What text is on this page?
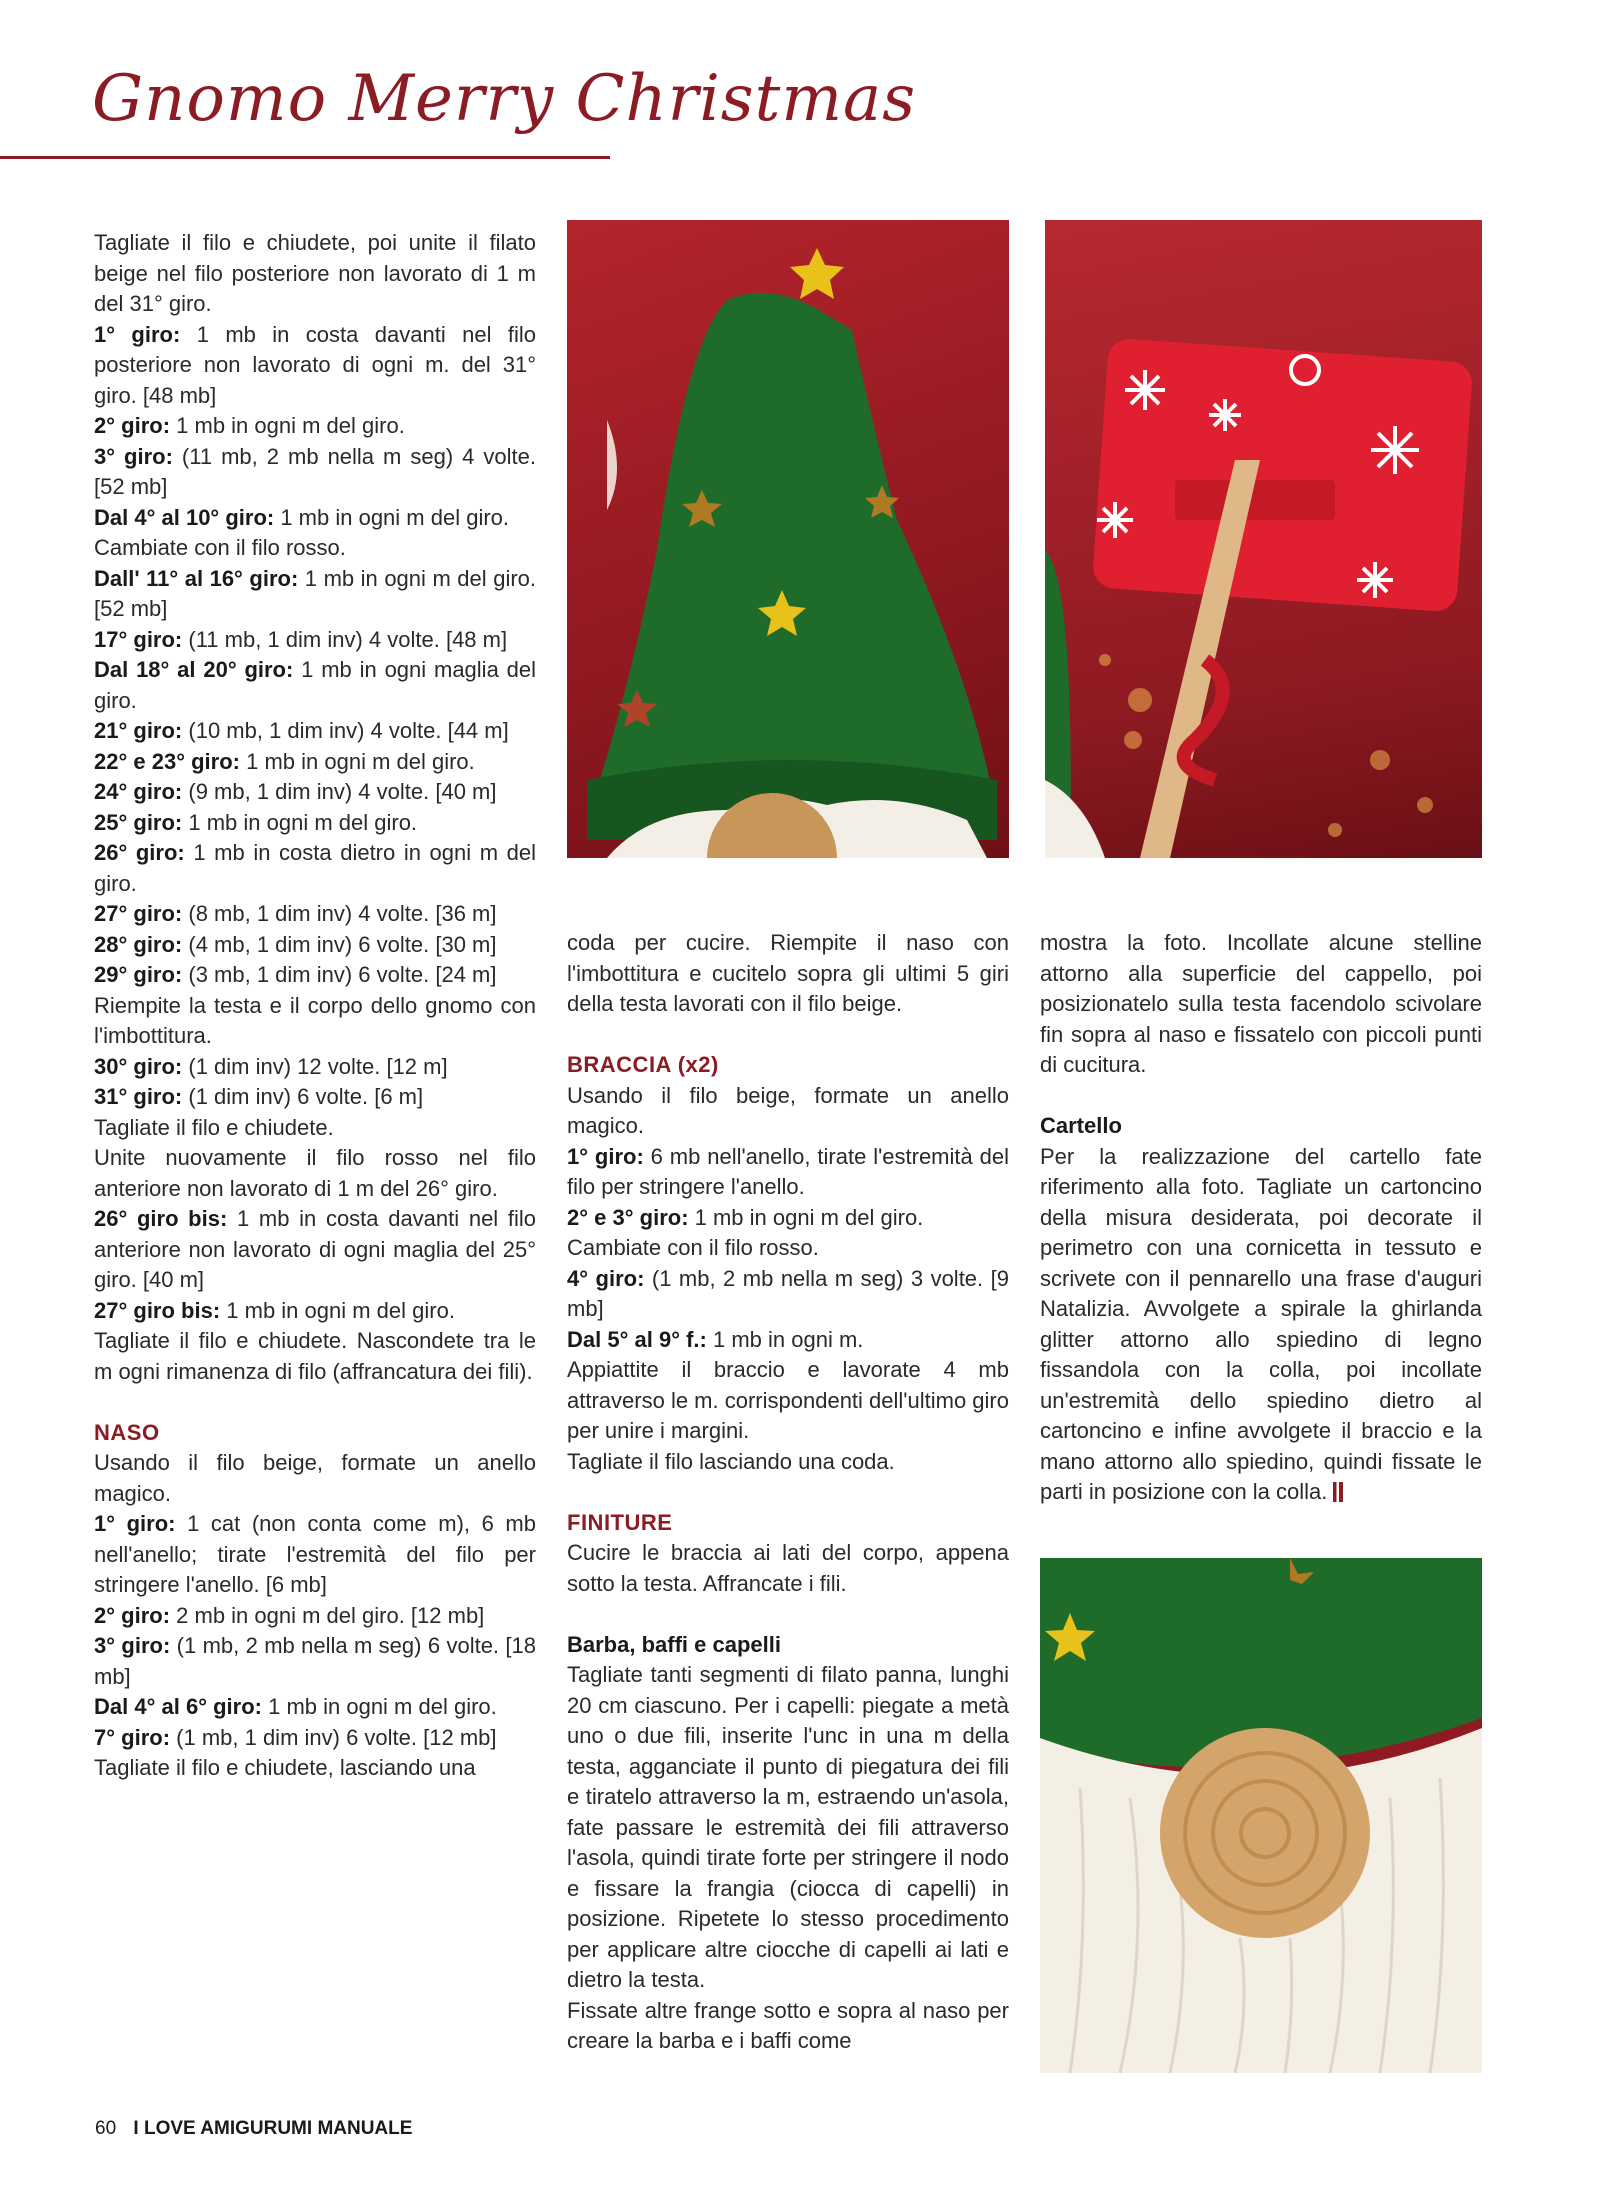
Gnomo Merry Christmas

Tagliate il filo e chiudete, poi unite il filato beige nel filo posteriore non lavorato di 1 m del 31° giro.

1° giro: 1 mb in costa davanti nel filo posteriore non lavorato di ogni m. del 31° giro. [48 mb]

2° giro: 1 mb in ogni m del giro.

3° giro: (11 mb, 2 mb nella m seg) 4 volte. [52 mb]

Dal 4° al 10° giro: 1 mb in ogni m del giro.

Cambiate con il filo rosso.

Dall' 11° al 16° giro: 1 mb in ogni m del giro. [52 mb]

17° giro: (11 mb, 1 dim inv) 4 volte. [48 m]

Dal 18° al 20° giro: 1 mb in ogni maglia del giro.

21° giro: (10 mb, 1 dim inv) 4 volte. [44 m]

22° e 23° giro: 1 mb in ogni m del giro.

24° giro: (9 mb, 1 dim inv) 4 volte. [40 m]

25° giro: 1 mb in ogni m del giro.

26° giro: 1 mb in costa dietro in ogni m del giro.

27° giro: (8 mb, 1 dim inv) 4 volte. [36 m]

28° giro: (4 mb, 1 dim inv) 6 volte. [30 m]

29° giro: (3 mb, 1 dim inv) 6 volte. [24 m]

Riempite la testa e il corpo dello gnomo con l'imbottitura.

30° giro: (1 dim inv) 12 volte. [12 m]

31° giro: (1 dim inv) 6 volte. [6 m]

Tagliate il filo e chiudete.

Unite nuovamente il filo rosso nel filo anteriore non lavorato di 1 m del 26° giro.

26° giro bis: 1 mb in costa davanti nel filo anteriore non lavorato di ogni maglia del 25° giro. [40 m]

27° giro bis: 1 mb in ogni m del giro.

Tagliate il filo e chiudete. Nascondete tra le m ogni rimanenza di filo (affrancatura dei fili).

NASO

Usando il filo beige, formate un anello magico.

1° giro: 1 cat (non conta come m), 6 mb nell'anello; tirate l'estremità del filo per stringere l'anello. [6 mb]

2° giro: 2 mb in ogni m del giro. [12 mb]

3° giro: (1 mb, 2 mb nella m seg) 6 volte. [18 mb]

Dal 4° al 6° giro: 1 mb in ogni m del giro.

7° giro: (1 mb, 1 dim inv) 6 volte. [12 mb]

Tagliate il filo e chiudete, lasciando una

coda per cucire. Riempite il naso con l'imbottitura e cucitelo sopra gli ultimi 5 giri della testa lavorati con il filo beige.

BRACCIA (x2)

Usando il filo beige, formate un anello magico.

1° giro: 6 mb nell'anello, tirate l'estremità del filo per stringere l'anello.

2° e 3° giro: 1 mb in ogni m del giro.

Cambiate con il filo rosso.

4° giro: (1 mb, 2 mb nella m seg) 3 volte. [9 mb]

Dal 5° al 9° f.: 1 mb in ogni m.

Appiattite il braccio e lavorate 4 mb attraverso le m. corrispondenti dell'ultimo giro per unire i margini.

Tagliate il filo lasciando una coda.

FINITURE

Cucire le braccia ai lati del corpo, appena sotto la testa. Affrancate i fili.

Barba, baffi e capelli

Tagliate tanti segmenti di filato panna, lunghi 20 cm ciascuno. Per i capelli: piegate a metà uno o due fili, inserite l'unc in una m della testa, agganciate il punto di piegatura dei fili e tiratelo attraverso la m, estraendo un'asola, fate passare le estremità dei fili attraverso l'asola, quindi tirate forte per stringere il nodo e fissare la frangia (ciocca di capelli) in posizione. Ripetete lo stesso procedimento per applicare altre ciocche di capelli ai lati e dietro la testa.

Fissate altre frange sotto e sopra al naso per creare la barba e i baffi come

mostra la foto. Incollate alcune stelline attorno alla superficie del cappello, poi posizionatelo sulla testa facendolo scivolare fin sopra al naso e fissatelo con piccoli punti di cucitura.

Cartello

Per la realizzazione del cartello fate riferimento alla foto. Tagliate un cartoncino della misura desiderata, poi decorate il perimetro con una cornicetta in tessuto e scrivete con il pennarello una frase d'auguri Natalizia. Avvolgete a spirale la ghirlanda glitter attorno allo spiedino di legno fissandola con la colla, poi incollate un'estremità dello spiedino dietro al cartoncino e infine avvolgete il braccio e la mano attorno allo spiedino, quindi fissate le parti in posizione con la colla.

60 I LOVE AMIGURUMI MANUALE
